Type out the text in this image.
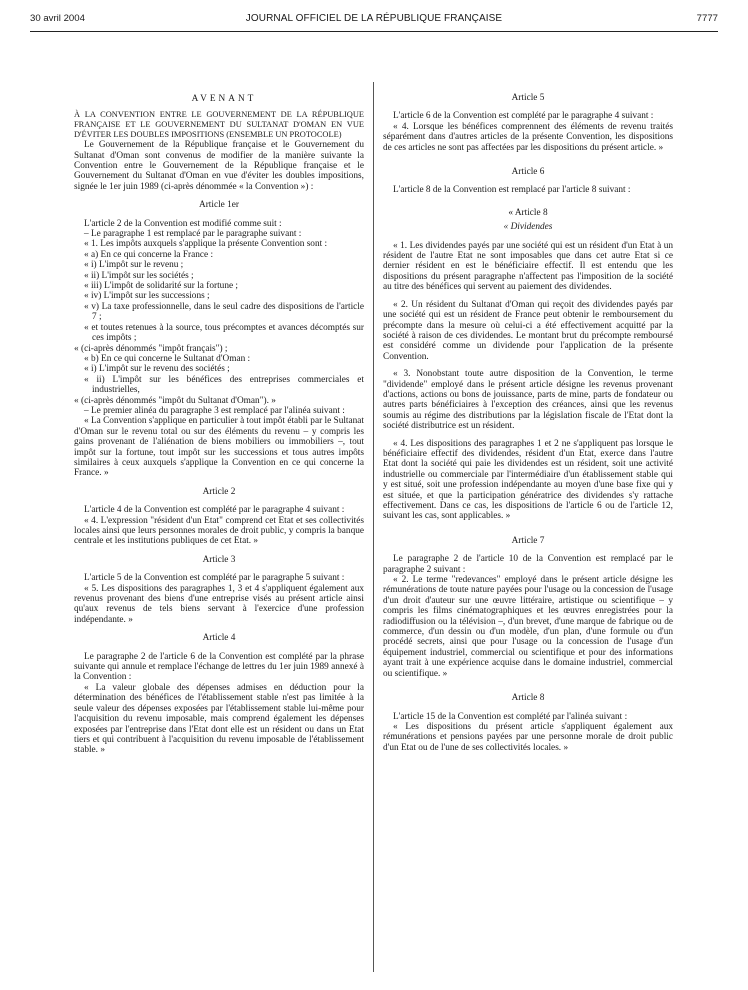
30 avril 2004	JOURNAL OFFICIEL DE LA RÉPUBLIQUE FRANÇAISE	7777

AVENANT

À LA CONVENTION ENTRE LE GOUVERNEMENT DE LA RÉPUBLIQUE FRANÇAISE ET LE GOUVERNEMENT DU SULTANAT D'OMAN EN VUE D'ÉVITER LES DOUBLES IMPOSITIONS (ENSEMBLE UN PROTOCOLE)

Le Gouvernement de la République française et le Gouvernement du Sultanat d'Oman sont convenus de modifier de la manière suivante la Convention entre le Gouvernement de la République française et le Gouvernement du Sultanat d'Oman en vue d'éviter les doubles impositions, signée le 1er juin 1989 (ci-après dénommée « la Convention ») :

Article 1er

L'article 2 de la Convention est modifié comme suit :

– Le paragraphe 1 est remplacé par le paragraphe suivant :

« 1. Les impôts auxquels s'applique la présente Convention sont :

« a) En ce qui concerne la France :

« i) L'impôt sur le revenu ;

« ii) L'impôt sur les sociétés ;

« iii) L'impôt de solidarité sur la fortune ;

« iv) L'impôt sur les successions ;

« v) La taxe professionnelle, dans le seul cadre des dispositions de l'article 7 ;

« et toutes retenues à la source, tous précomptes et avances décomptés sur ces impôts ;

« (ci-après dénommés "impôt français") ;

« b) En ce qui concerne le Sultanat d'Oman :

« i) L'impôt sur le revenu des sociétés ;

« ii) L'impôt sur les bénéfices des entreprises commerciales et industrielles,

« (ci-après dénommés "impôt du Sultanat d'Oman"). »

– Le premier alinéa du paragraphe 3 est remplacé par l'alinéa suivant :

« La Convention s'applique en particulier à tout impôt établi par le Sultanat d'Oman sur le revenu total ou sur des éléments du revenu – y compris les gains provenant de l'aliénation de biens mobiliers ou immobiliers –, tout impôt sur la fortune, tout impôt sur les successions et tous autres impôts similaires à ceux auxquels s'applique la Convention en ce qui concerne la France. »

Article 2

L'article 4 de la Convention est complété par le paragraphe 4 suivant :

« 4. L'expression "résident d'un Etat" comprend cet Etat et ses collectivités locales ainsi que leurs personnes morales de droit public, y compris la banque centrale et les institutions publiques de cet Etat. »

Article 3

L'article 5 de la Convention est complété par le paragraphe 5 suivant :

« 5. Les dispositions des paragraphes 1, 3 et 4 s'appliquent également aux revenus provenant des biens d'une entreprise visés au présent article ainsi qu'aux revenus de tels biens servant à l'exercice d'une profession indépendante. »

Article 4

Le paragraphe 2 de l'article 6 de la Convention est complété par la phrase suivante qui annule et remplace l'échange de lettres du 1er juin 1989 annexé à la Convention :

« La valeur globale des dépenses admises en déduction pour la détermination des bénéfices de l'établissement stable n'est pas limitée à la seule valeur des dépenses exposées par l'établissement stable lui-même pour l'acquisition du revenu imposable, mais comprend également les dépenses exposées par l'entreprise dans l'Etat dont elle est un résident ou dans un Etat tiers et qui contribuent à l'acquisition du revenu imposable de l'établissement stable. »

Article 5

L'article 6 de la Convention est complété par le paragraphe 4 suivant :

« 4. Lorsque les bénéfices comprennent des éléments de revenu traités séparément dans d'autres articles de la présente Convention, les dispositions de ces articles ne sont pas affectées par les dispositions du présent article. »

Article 6

L'article 8 de la Convention est remplacé par l'article 8 suivant :

« Article 8

« Dividendes

« 1. Les dividendes payés par une société qui est un résident d'un Etat à un résident de l'autre Etat ne sont imposables que dans cet autre Etat si ce dernier résident en est le bénéficiaire effectif. Il est entendu que les dispositions du présent paragraphe n'affectent pas l'imposition de la société au titre des bénéfices qui servent au paiement des dividendes.

« 2. Un résident du Sultanat d'Oman qui reçoit des dividendes payés par une société qui est un résident de France peut obtenir le remboursement du précompte dans la mesure où celui-ci a été effectivement acquitté par la société à raison de ces dividendes. Le montant brut du précompte remboursé est considéré comme un dividende pour l'application de la présente Convention.

« 3. Nonobstant toute autre disposition de la Convention, le terme "dividende" employé dans le présent article désigne les revenus provenant d'actions, actions ou bons de jouissance, parts de mine, parts de fondateur ou autres parts bénéficiaires à l'exception des créances, ainsi que les revenus soumis au régime des distributions par la législation fiscale de l'Etat dont la société distributrice est un résident.

« 4. Les dispositions des paragraphes 1 et 2 ne s'appliquent pas lorsque le bénéficiaire effectif des dividendes, résident d'un Etat, exerce dans l'autre Etat dont la société qui paie les dividendes est un résident, soit une activité industrielle ou commerciale par l'intermédiaire d'un établissement stable qui y est situé, soit une profession indépendante au moyen d'une base fixe qui y est située, et que la participation génératrice des dividendes s'y rattache effectivement. Dans ce cas, les dispositions de l'article 6 ou de l'article 12, suivant les cas, sont applicables. »

Article 7

Le paragraphe 2 de l'article 10 de la Convention est remplacé par le paragraphe 2 suivant :

« 2. Le terme "redevances" employé dans le présent article désigne les rémunérations de toute nature payées pour l'usage ou la concession de l'usage d'un droit d'auteur sur une œuvre littéraire, artistique ou scientifique – y compris les films cinématographiques et les œuvres enregistrées pour la radiodiffusion ou la télévision –, d'un brevet, d'une marque de fabrique ou de commerce, d'un dessin ou d'un modèle, d'un plan, d'une formule ou d'un procédé secrets, ainsi que pour l'usage ou la concession de l'usage d'un équipement industriel, commercial ou scientifique et pour des informations ayant trait à une expérience acquise dans le domaine industriel, commercial ou scientifique. »

Article 8

L'article 15 de la Convention est complété par l'alinéa suivant :

« Les dispositions du présent article s'appliquent également aux rémunérations et pensions payées par une personne morale de droit public d'un Etat ou de l'une de ses collectivités locales. »
